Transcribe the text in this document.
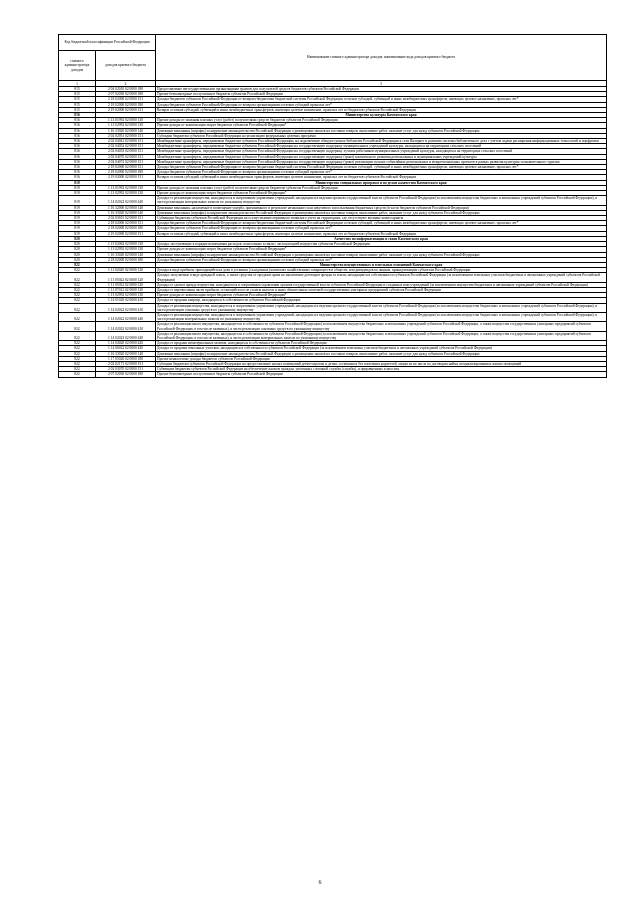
Код бюджетной классификации Российской Федерации		Наименование главного администратора доходов, наименование кода доходов краевого бюджета
главного администратора доходов	доходов краевого бюджета	
1	2	3
815	2 04 02010 02 0000 180	Предоставление негосударственными организациями грантов для получателей средств бюджетов субъектов Российской Федерации
815	2 07 02030 02 0000 180	Прочие безвозмездные поступления в бюджеты субъектов Российской Федерации
815	2 18 02000 02 0000 151	Доходы бюджетов субъектов Российской Федерации от возврата бюджетами бюджетной системы Российской Федерации остатков субсидий, субвенций и иных межбюджетных трансфертов, имеющих целевое назначение, прошлых лет*
815	2 18 02000 02 0000 180	Доходы бюджетов субъектов Российской Федерации от возврата организациями остатков субсидий прошлых лет*
815	2 19 02000 02 0000 151	Возврат остатков субсидий, субвенций и иных межбюджетных трансфертов, имеющих целевое назначение, прошлых лет из бюджетов субъектов Российской Федерации
816		Министерство культуры Камчатского края
816	1 13 01992 02 0000 130	Прочие доходы от оказания платных услуг (работ) получателями средств бюджетов субъектов Российской Федерации
816	1 13 02992 02 0000 130	Прочие доходы от компенсации затрат бюджетов субъектов Российской Федерации*
816	1 16 33020 02 0000 140	Денежные взыскания (штрафы) за нарушение законодательства Российской Федерации о размещении заказов на поставки товаров, выполнение работ, оказание услуг для нужд субъектов Российской Федерации
816	2 02 02051 02 0000 151	Субсидии бюджетам субъектов Российской Федерации на реализацию федеральных целевых программ
816	2 02 04041 02 0000 151	Межбюджетные трансферты, передаваемые бюджетам субъектов Российской Федерации, на подключение общедоступных библиотек Российской Федерации к сети Интернет и развитие системы библиотечного дела с учетом задачи расширения информационных технологий и оцифровки
816	2 02 04052 02 0000 151	Межбюджетные трансферты, передаваемые бюджетам субъектов Российской Федерации на государственную поддержку муниципальных учреждений культуры, находящихся на территориях сельских поселений
816	2 02 04053 02 0000 151	Межбюджетные трансферты, передаваемые бюджетам субъектов Российской Федерации на государственную поддержку лучших работников муниципальных учреждений культуры, находящихся на территориях сельских поселений
816	2 02 04070 02 0000 151	Межбюджетные трансферты, передаваемые бюджетам субъектов Российской Федерации на государственную поддержку (грант) комплексного развития региональных и муниципальных учреждений культуры
816	2 02 04072 02 0000 151	Межбюджетные трансферты, передаваемые бюджетам субъектов Российской Федерации на государственную поддержку (грант) реализации лучших событийных региональных и межрегиональных проектов в рамках развития культурно-познавательного туризма
816	2 18 02000 02 0000 151	Доходы бюджетов субъектов Российской Федерации от возврата бюджетами бюджетной системы Российской Федерации остатков субсидий, субвенций и иных межбюджетных трансфертов, имеющих целевое назначение, прошлых лет*
816	2 18 02000 02 0000 180	Доходы бюджетов субъектов Российской Федерации от возврата организациями остатков субсидий прошлых лет*
816	2 19 02000 02 0000 151	Возврат остатков субсидий, субвенций и иных межбюджетных трансфертов, имеющих целевое назначение, прошлых лет из бюджетов субъектов Российской Федерации
819		Министерство специальных программ и по делам казачества Камчатского края
819	1 13 01992 02 0000 130	Прочие доходы от оказания платных услуг (работ) получателями средств бюджетов субъектов Российской Федерации
819	1 13 02992 02 0000 130	Прочие доходы от компенсации затрат бюджетов субъектов Российской Федерации*
819	1 14 02022 02 0000 440	Доходы от реализации имущества, находящегося в оперативном управлении учреждений, находящихся в ведении органов государственной власти субъектов Российской Федерации (за исключением имущества бюджетных и автономных учреждений субъектов Российской Федерации), в части реализации материальных запасов по указанному имуществу
819	1 16 32000 02 0000 140	Денежные взыскания, налагаемые в возмещение ущерба, причиненного в результате незаконного или нецелевого использования бюджетных средств (в части бюджетов субъектов Российской Федерации)
819	1 16 33020 02 0000 140	Денежные взыскания (штрафы) за нарушение законодательства Российской Федерации о размещении заказов на поставки товаров, выполнение работ, оказание услуг для нужд субъектов Российской Федерации
819	2 02 03015 02 0000 151	Субвенции бюджетам субъектов Российской Федерации на осуществление первичного воинского учета на территориях, где отсутствуют военные комиссариаты
819	2 18 02000 02 0000 151	Доходы бюджетов субъектов Российской Федерации от возврата бюджетами бюджетной системы Российской Федерации остатков субсидий, субвенций и иных межбюджетных трансфертов, имеющих целевое назначение, прошлых лет*
819	2 18 02000 02 0000 180	Доходы бюджетов субъектов Российской Федерации от возврата организациями остатков субсидий прошлых лет*
819	2 19 02000 02 0000 151	Возврат остатков субсидий, субвенций и иных межбюджетных трансфертов, имеющих целевое назначение, прошлых лет из бюджетов субъектов Российской Федерации
820		Агентство по информатизации и связи Камчатского края
820	1 13 02062 02 0000 130	Доходы, поступающие в порядке возмещения расходов, понесенных в связи с эксплуатацией имущества субъектов Российской Федерации
820	1 13 02992 02 0000 130	Прочие доходы от компенсации затрат бюджетов субъектов Российской Федерации*
820	1 16 33020 02 0000 140	Денежные взыскания (штрафы) за нарушение законодательства Российской Федерации о размещении заказов на поставки товаров, выполнение работ, оказание услуг для нужд субъектов Российской Федерации
820	2 18 02000 02 0000 180	Доходы бюджетов субъектов Российской Федерации от возврата организациями остатков субсидий прошлых лет*
822		Министерство имущественных и земельных отношений Камчатского края
822	1 11 02020 02 0000 120	Доходы в виде прибыли, приходящейся на доли в уставных (складочных) капиталах хозяйственных товариществ и обществ, или дивидендов по акциям, принадлежащим субъектам Российской Федерации
822	1 11 05022 02 0000 120	Доходы, получаемые в виде арендной платы, а также средства от продажи права на заключение договоров аренды за земли, находящиеся в собственности субъектов Российской Федерации (за исключением земельных участков бюджетных и автономных учреждений субъектов Российской Федерации)
822	1 11 05032 02 0000 120	Доходы от сдачи в аренду имущества, находящегося в оперативном управлении органов государственной власти субъектов Российской Федерации и созданных ими учреждений (за исключением имущества бюджетных и автономных учреждений субъектов Российской Федерации)
822	1 11 07012 02 0000 120	Доходы от перечисления части прибыли, остающейся после уплаты налогов и иных обязательных платежей государственных унитарных предприятий субъектов Российской Федерации
822	1 13 02992 02 0000 130	Прочие доходы от компенсации затрат бюджетов субъектов Российской Федерации*
822	1 14 01020 02 0000 410	Доходы от продажи квартир, находящихся в собственности субъектов Российской Федерации
822	1 14 02022 02 0000 410	Доходы от реализации имущества, находящегося в оперативном управлении учреждений, находящихся в ведении органов государственной власти субъектов Российской Федерации (за исключением имущества бюджетных и автономных учреждений субъектов Российской Федерации), в части реализации основных средств по указанному имуществу
822	1 14 02022 02 0000 440	Доходы от реализации имущества, находящегося в оперативном управлении учреждений, находящихся в ведении органов государственной власти субъектов Российской Федерации (за исключением имущества бюджетных и автономных учреждений субъектов Российской Федерации), в части реализации материальных запасов по указанному имуществу
822	1 14 02023 02 0000 410	Доходы от реализации иного имущества, находящегося в собственности субъектов Российской Федерации (за исключением имущества бюджетных и автономных учреждений субъектов Российской Федерации, а также имущества государственных унитарных предприятий субъектов Российской Федерации, в том числе казенных), в части реализации основных средств по указанному имуществу
822	1 14 02023 02 0000 440	Доходы от реализации иного имущества, находящегося в собственности субъектов Российской Федерации (за исключением имущества бюджетных и автономных учреждений субъектов Российской Федерации, а также имущества государственных унитарных предприятий субъектов Российской Федерации, в том числе казенных), в части реализации материальных запасов по указанному имуществу
822	1 14 04020 02 0000 420	Доходы от продажи нематериальных активов, находящихся в собственности субъектов Российской Федерации
822	1 14 06022 02 0000 430	Доходы от продажи земельных участков, находящихся в собственности субъектов Российской Федерации (за исключением земельных участков бюджетных и автономных учреждений субъектов Российской Федерации)
822	1 16 33020 02 0000 140	Денежные взыскания (штрафы) за нарушение законодательства Российской Федерации о размещении заказов на поставки товаров, выполнение работ, оказание услуг для нужд субъектов Российской Федерации
822	1 17 05020 02 0000 180	Прочие неналоговые доходы бюджетов субъектов Российской Федерации
822	2 02 02171 02 0000 151	Субсидии бюджетам субъектов Российской Федерации на предоставление жилых помещений детям-сиротам и детям, оставшимся без попечения родителей, лицам из их числа по договорам найма специализированных жилых помещений
822	2 02 03070 02 0000 151	Субвенции бюджетам субъектов Российской Федерации на обеспечение жильем граждан, уволенных с военной службы (службы), и приравненных к ним лиц
822	2 07 02030 02 0000 180	Прочие безвозмездные поступления в бюджеты субъектов Российской Федерации
6
